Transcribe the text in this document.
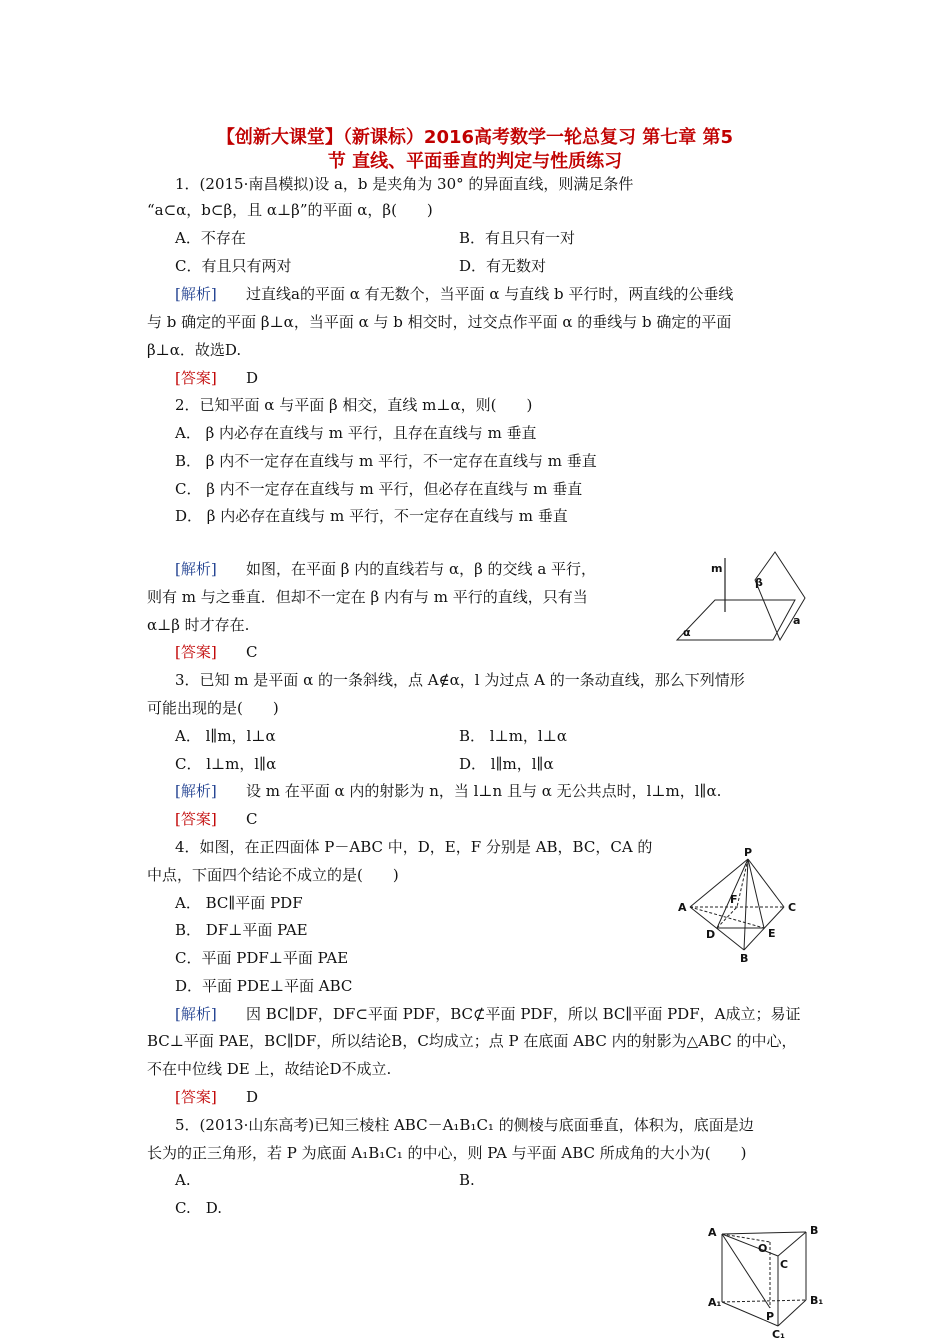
【创新大课堂】（新课标）2016高考数学一轮总复习 第七章 第5
节 直线、平面垂直的判定与性质练习
1．(2015·南昌模拟)设 a，b 是夹角为 30° 的异面直线，则满足条件
“a⊂α，b⊂β，且 α⊥β”的平面 α，β(　　)
A．不存在	B．有且只有一对
C．有且只有两对	D．有无数对
[解析] 过直线a的平面 α 有无数个，当平面 α 与直线 b 平行时，两直线的公垂线
与 b 确定的平面 β⊥α，当平面 α 与 b 相交时，过交点作平面 α 的垂线与 b 确定的平面
β⊥α．故选D.
[答案] D
2．已知平面 α 与平面 β 相交，直线 m⊥α，则(　　)
A． β 内必存在直线与 m 平行，且存在直线与 m 垂直
B． β 内不一定存在直线与 m 平行，不一定存在直线与 m 垂直
C． β 内不一定存在直线与 m 平行，但必存在直线与 m 垂直
D． β 内必存在直线与 m 平行，不一定存在直线与 m 垂直
[解析] 如图，在平面 β 内的直线若与 α，β 的交线 a 平行，
则有 m 与之垂直．但却不一定在 β 内有与 m 平行的直线，只有当
α⊥β 时才存在.
[答案] C
m
β
α
a
3．已知 m 是平面 α 的一条斜线，点 A∉α，l 为过点 A 的一条动直线，那么下列情形
可能出现的是(　　)
A． l∥m，l⊥α	B． l⊥m，l⊥α
C． l⊥m，l∥α	D． l∥m，l∥α
[解析] 设 m 在平面 α 内的射影为 n，当 l⊥n 且与 α 无公共点时，l⊥m，l∥α.
[答案] C
4．如图，在正四面体 P－ABC 中，D，E，F 分别是 AB，BC，CA 的
中点，下面四个结论不成立的是(　　)
A． BC∥平面 PDF
B． DF⊥平面 PAE
C．平面 PDF⊥平面 PAE
D．平面 PDE⊥平面 ABC
[解析] 因 BC∥DF，DF⊂平面 PDF，BC⊄平面 PDF，所以 BC∥平面 PDF，A成立；易证
BC⊥平面 PAE，BC∥DF，所以结论B，C均成立；点 P 在底面 ABC 内的射影为△ABC 的中心，
不在中位线 DE 上，故结论D不成立.
[答案] D
P
A	C
F
D	E
B
5．(2013·山东高考)已知三棱柱 ABC－A₁B₁C₁ 的侧棱与底面垂直，体积为，底面是边
长为的正三角形，若 P 为底面 A₁B₁C₁ 的中心，则 PA 与平面 ABC 所成角的大小为(　　)
A.	B.
C.　D.
A	B
O
C
P
A₁	B₁
C₁
